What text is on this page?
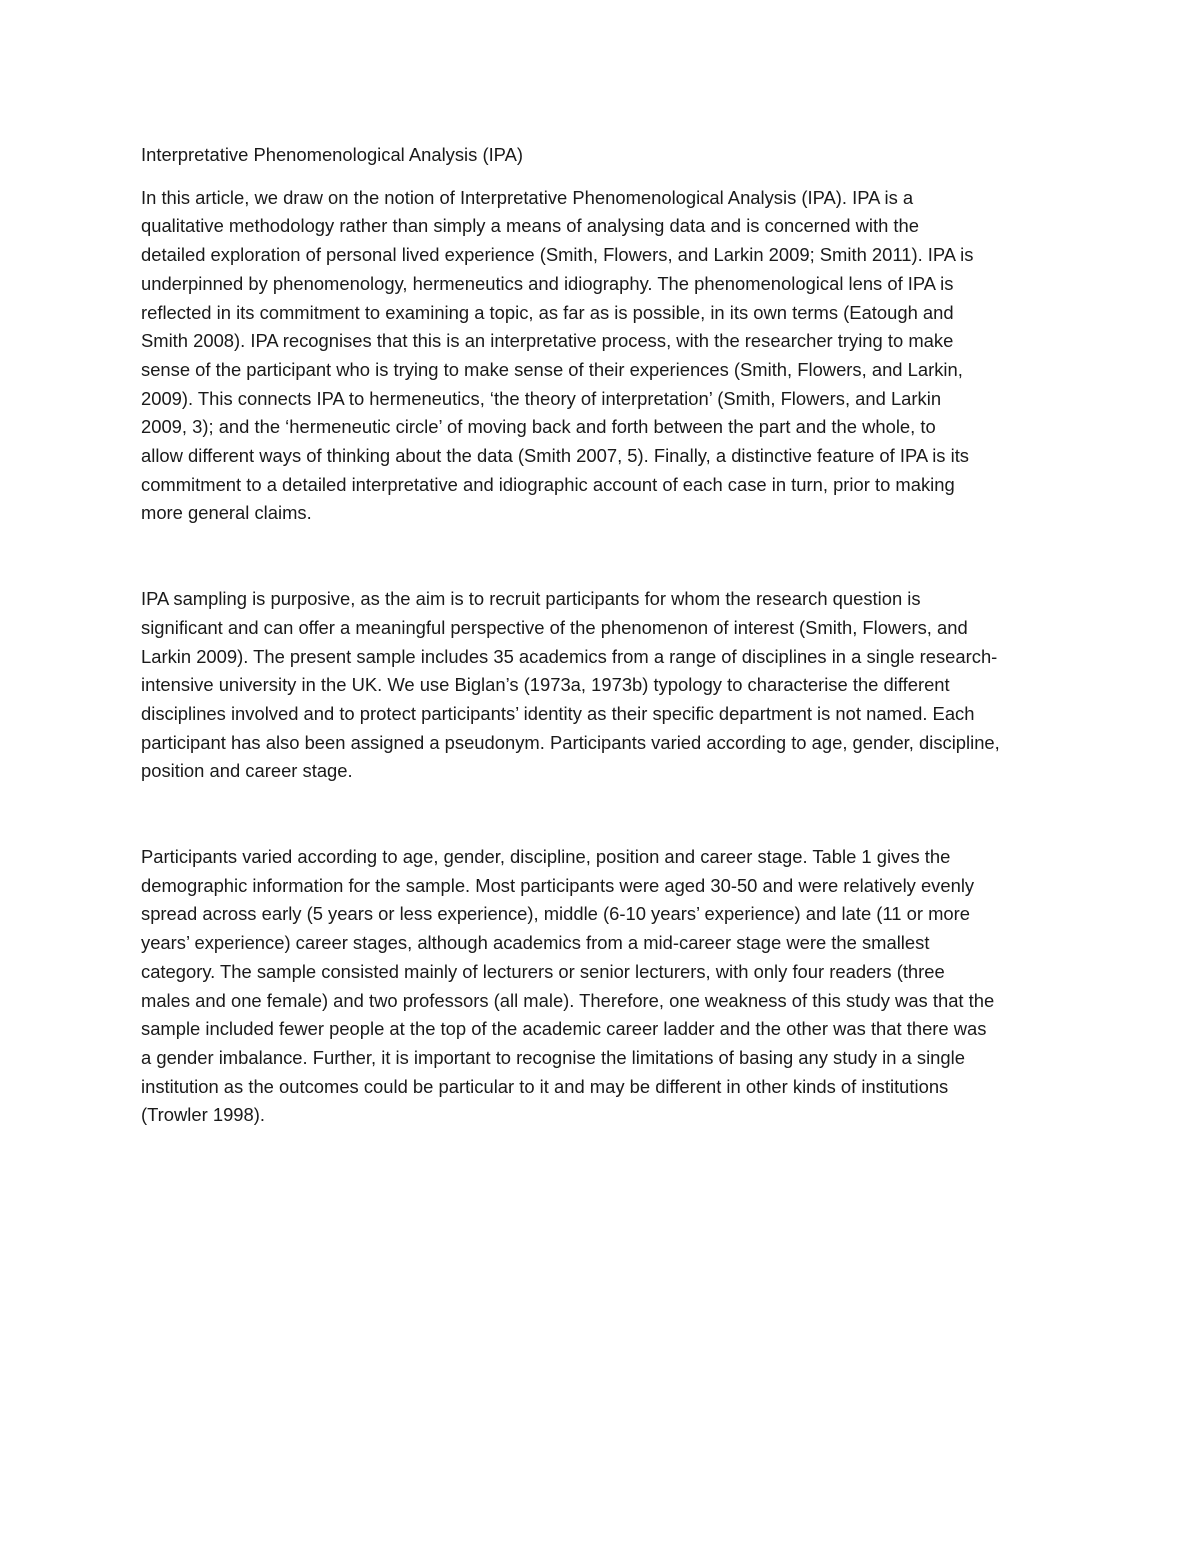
Interpretative Phenomenological Analysis (IPA)

In this article, we draw on the notion of Interpretative Phenomenological Analysis (IPA). IPA is a
qualitative methodology rather than simply a means of analysing data and is concerned with the
detailed exploration of personal lived experience (Smith, Flowers, and Larkin 2009; Smith 2011). IPA is
underpinned by phenomenology, hermeneutics and idiography. The phenomenological lens of IPA is
reflected in its commitment to examining a topic, as far as is possible, in its own terms (Eatough and
Smith 2008). IPA recognises that this is an interpretative process, with the researcher trying to make
sense of the participant who is trying to make sense of their experiences (Smith, Flowers, and Larkin,
2009). This connects IPA to hermeneutics, ‘the theory of interpretation’ (Smith, Flowers, and Larkin
2009, 3); and the ‘hermeneutic circle’ of moving back and forth between the part and the whole, to
allow different ways of thinking about the data (Smith 2007, 5). Finally, a distinctive feature of IPA is its
commitment to a detailed interpretative and idiographic account of each case in turn, prior to making
more general claims.

IPA sampling is purposive, as the aim is to recruit participants for whom the research question is
significant and can offer a meaningful perspective of the phenomenon of interest (Smith, Flowers, and
Larkin 2009). The present sample includes 35 academics from a range of disciplines in a single research-
intensive university in the UK. We use Biglan’s (1973a, 1973b) typology to characterise the different
disciplines involved and to protect participants’ identity as their specific department is not named. Each
participant has also been assigned a pseudonym. Participants varied according to age, gender, discipline,
position and career stage.

Participants varied according to age, gender, discipline, position and career stage. Table 1 gives the
demographic information for the sample. Most participants were aged 30-50 and were relatively evenly
spread across early (5 years or less experience), middle (6-10 years’ experience) and late (11 or more
years’ experience) career stages, although academics from a mid-career stage were the smallest
category. The sample consisted mainly of lecturers or senior lecturers, with only four readers (three
males and one female) and two professors (all male). Therefore, one weakness of this study was that the
sample included fewer people at the top of the academic career ladder and the other was that there was
a gender imbalance. Further, it is important to recognise the limitations of basing any study in a single
institution as the outcomes could be particular to it and may be different in other kinds of institutions
(Trowler 1998).
